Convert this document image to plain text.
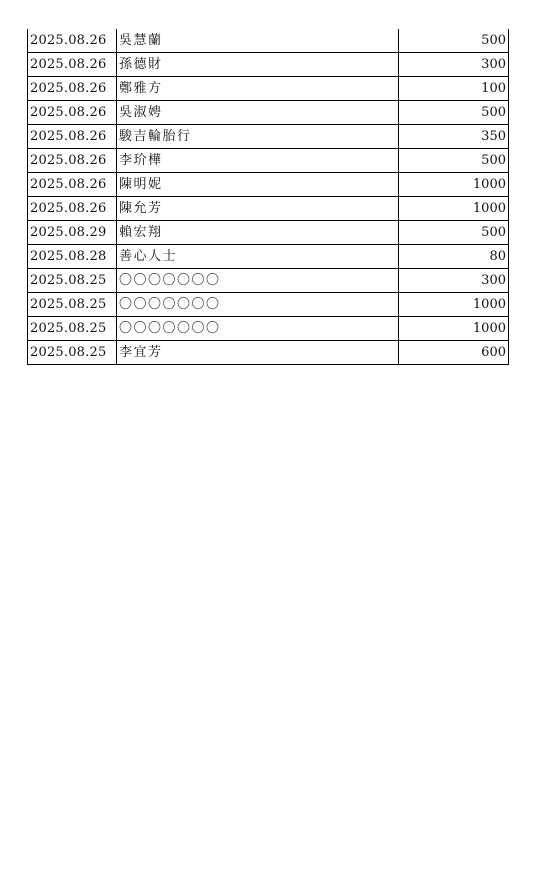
2025.08.26	吳慧蘭	500
2025.08.26	孫德財	300
2025.08.26	鄭雅方	100
2025.08.26	吳淑娉	500
2025.08.26	駿吉輪胎行	350
2025.08.26	李玠樺	500
2025.08.26	陳明妮	1000
2025.08.26	陳允芳	1000
2025.08.29	賴宏翔	500
2025.08.28	善心人士	80
2025.08.25	〇〇〇〇〇〇〇	300
2025.08.25	〇〇〇〇〇〇〇	1000
2025.08.25	〇〇〇〇〇〇〇	1000
2025.08.25	李宜芳	600
